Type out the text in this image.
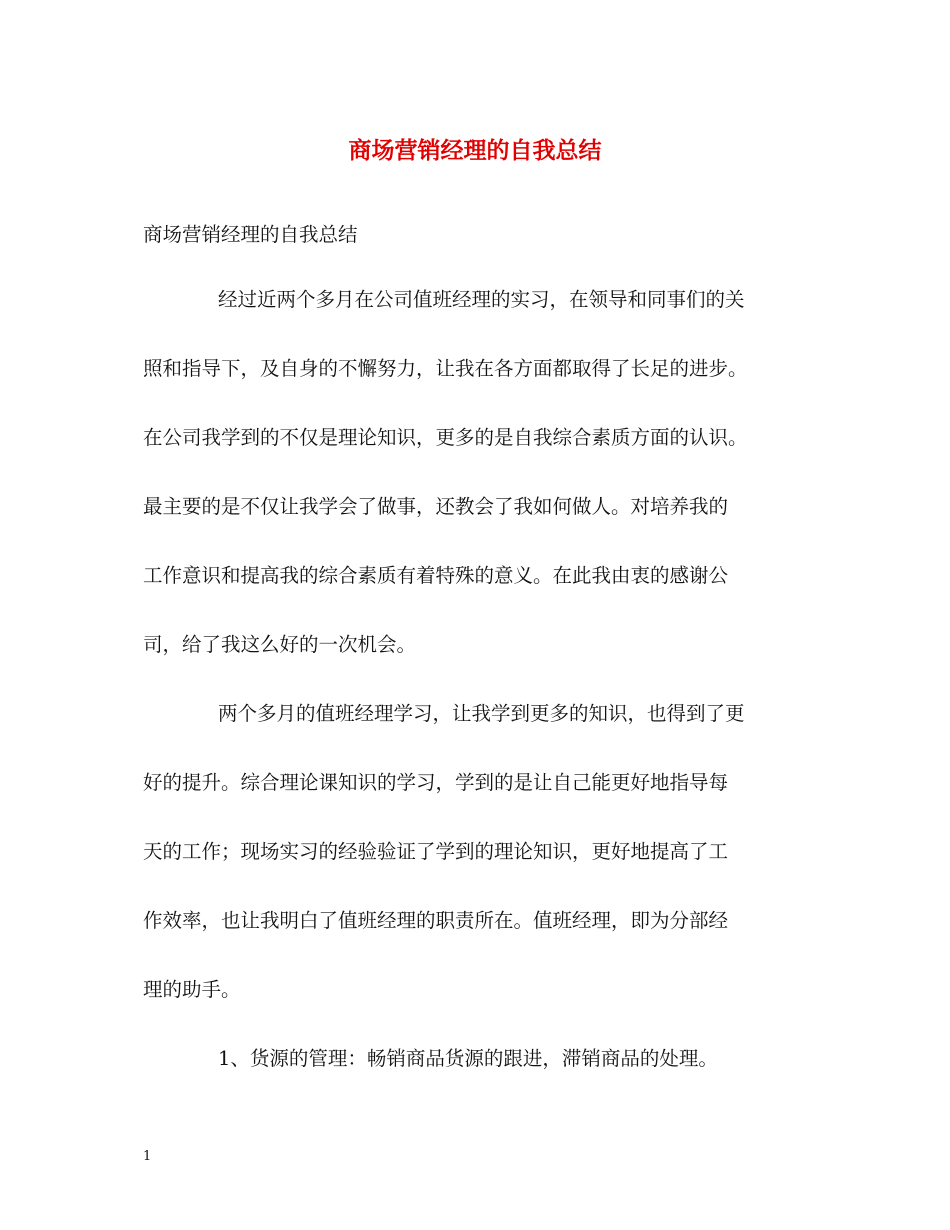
商场营销经理的自我总结

商场营销经理的自我总结

经过近两个多月在公司值班经理的实习，在领导和同事们的关
照和指导下，及自身的不懈努力，让我在各方面都取得了长足的进步。
在公司我学到的不仅是理论知识，更多的是自我综合素质方面的认识。
最主要的是不仅让我学会了做事，还教会了我如何做人。对培养我的
工作意识和提高我的综合素质有着特殊的意义。在此我由衷的感谢公
司，给了我这么好的一次机会。
两个多月的值班经理学习，让我学到更多的知识，也得到了更
好的提升。综合理论课知识的学习，学到的是让自己能更好地指导每
天的工作；现场实习的经验验证了学到的理论知识，更好地提高了工
作效率，也让我明白了值班经理的职责所在。值班经理，即为分部经
理的助手。
1、货源的管理：畅销商品货源的跟进，滞销商品的处理。
1
